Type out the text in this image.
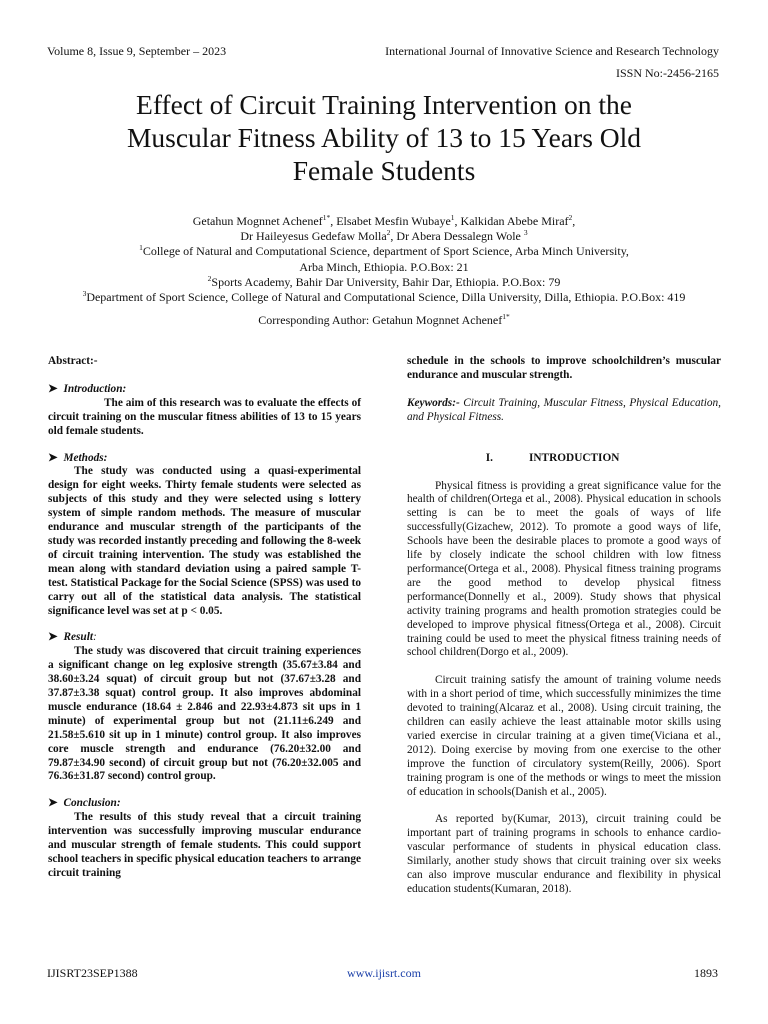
Volume 8, Issue 9, September – 2023	International Journal of Innovative Science and Research Technology
ISSN No:-2456-2165
Effect of Circuit Training Intervention on the
Muscular Fitness Ability of 13 to 15 Years Old
Female Students
Getahun Mognnet Achenef$^{1*}$, Elsabet Mesfin Wubaye$^1$, Kalkidan Abebe Miraf$^2$,
Dr Haileyesus Gedefaw Molla$^2$, Dr Abera Dessalegn Wole $^3$
$^1$College of Natural and Computational Science, department of Sport Science, Arba Minch University,
Arba Minch, Ethiopia. P.O.Box: 21
$^2$Sports Academy, Bahir Dar University, Bahir Dar, Ethiopia. P.O.Box: 79
$^3$Department of Sport Science, College of Natural and Computational Science, Dilla University, Dilla, Ethiopia. P.O.Box: 419
Corresponding Author: Getahun Mognnet Achenef$^{1*}$
Abstract:-
➤ Introduction:

The aim of this research was to evaluate the effects of circuit training on the muscular fitness abilities of 13 to 15 years old female students.

➤ Methods:

The study was conducted using a quasi-experimental design for eight weeks. Thirty female students were selected as subjects of this study and they were selected using s lottery system of simple random methods. The measure of muscular endurance and muscular strength of the participants of the study was recorded instantly preceding and following the 8-week of circuit training intervention. The study was established the mean along with standard deviation using a paired sample T-test. Statistical Package for the Social Science (SPSS) was used to carry out all of the statistical data analysis. The statistical significance level was set at p < 0.05.

➤ Result:

The study was discovered that circuit training experiences a significant change on leg explosive strength (35.67±3.84 and 38.60±3.24 squat) of circuit group but not (37.67±3.28 and 37.87±3.38 squat) control group. It also improves abdominal muscle endurance (18.64 ± 2.846 and 22.93±4.873 sit ups in 1 minute) of experimental group but not (21.11±6.249 and 21.58±5.610 sit up in 1 minute) control group. It also improves core muscle strength and endurance (76.20±32.00 and 79.87±34.90 second) of circuit group but not (76.20±32.005 and 76.36±31.87 second) control group.

➤ Conclusion:

The results of this study reveal that a circuit training intervention was successfully improving muscular endurance and muscular strength of female students. This could support school teachers in specific physical education teachers to arrange circuit training

schedule in the schools to improve schoolchildren’s muscular endurance and muscular strength.

Keywords:- Circuit Training, Muscular Fitness, Physical Education, and Physical Fitness.

I.	INTRODUCTION

Physical fitness is providing a great significance value for the health of children(Ortega et al., 2008). Physical education in schools setting is can be to meet the goals of ways of life successfully(Gizachew, 2012). To promote a good ways of life, Schools have been the desirable places to promote a good ways of life by closely indicate the school children with low fitness performance(Ortega et al., 2008). Physical fitness training programs are the good method to develop physical fitness performance(Donnelly et al., 2009). Study shows that physical activity training programs and health promotion strategies could be developed to improve physical fitness(Ortega et al., 2008). Circuit training could be used to meet the physical fitness training needs of school children(Dorgo et al., 2009).

Circuit training satisfy the amount of training volume needs with in a short period of time, which successfully minimizes the time devoted to training(Alcaraz et al., 2008). Using circuit training, the children can easily achieve the least attainable motor skills using varied exercise in circular training at a given time(Viciana et al., 2012). Doing exercise by moving from one exercise to the other improve the function of circulatory system(Reilly, 2006). Sport training program is one of the methods or wings to meet the mission of education in schools(Danish et al., 2005).

As reported by(Kumar, 2013), circuit training could be important part of training programs in schools to enhance cardio-vascular performance of students in physical education class. Similarly, another study shows that circuit training over six weeks can also improve muscular endurance and flexibility in physical education students(Kumaran, 2018).

IJISRT23SEP1388	www.ijisrt.com	1893
